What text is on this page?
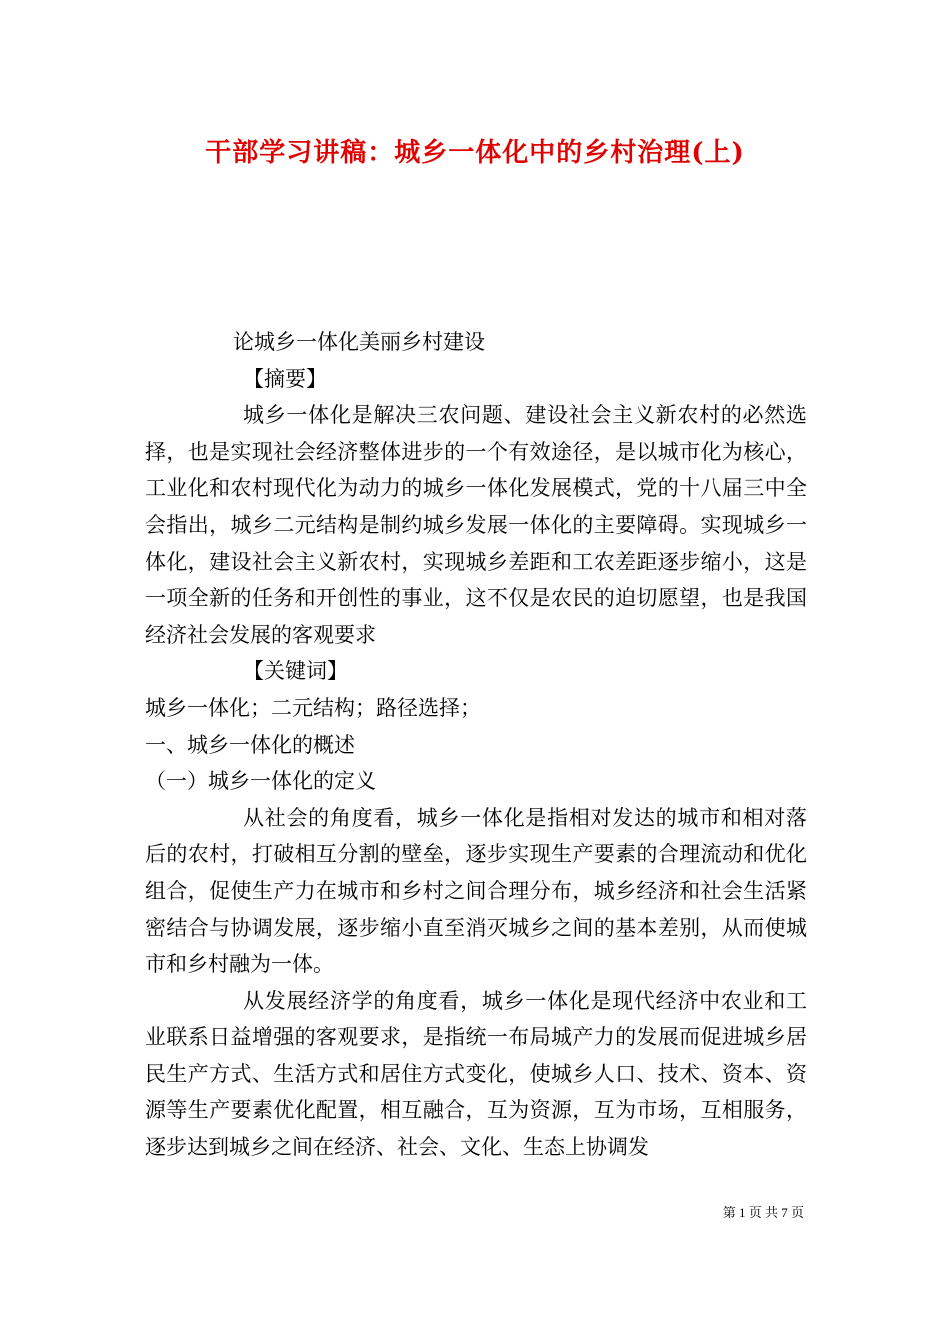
干部学习讲稿：城乡一体化中的乡村治理(上)

论城乡一体化美丽乡村建设

【摘要】

城乡一体化是解决三农问题、建设社会主义新农村的必然选择，也是实现社会经济整体进步的一个有效途径，是以城市化为核心，工业化和农村现代化为动力的城乡一体化发展模式，党的十八届三中全会指出，城乡二元结构是制约城乡发展一体化的主要障碍。实现城乡一体化，建设社会主义新农村，实现城乡差距和工农差距逐步缩小，这是一项全新的任务和开创性的事业，这不仅是农民的迫切愿望，也是我国经济社会发展的客观要求

【关键词】

城乡一体化；二元结构；路径选择；

一、城乡一体化的概述

（一）城乡一体化的定义

从社会的角度看，城乡一体化是指相对发达的城市和相对落后的农村，打破相互分割的壁垒，逐步实现生产要素的合理流动和优化组合，促使生产力在城市和乡村之间合理分布，城乡经济和社会生活紧密结合与协调发展，逐步缩小直至消灭城乡之间的基本差别，从而使城市和乡村融为一体。

从发展经济学的角度看，城乡一体化是现代经济中农业和工业联系日益增强的客观要求，是指统一布局城产力的发展而促进城乡居民生产方式、生活方式和居住方式变化，使城乡人口、技术、资本、资源等生产要素优化配置，相互融合，互为资源，互为市场，互相服务，逐步达到城乡之间在经济、社会、文化、生态上协调发

第 1 页 共 7 页
